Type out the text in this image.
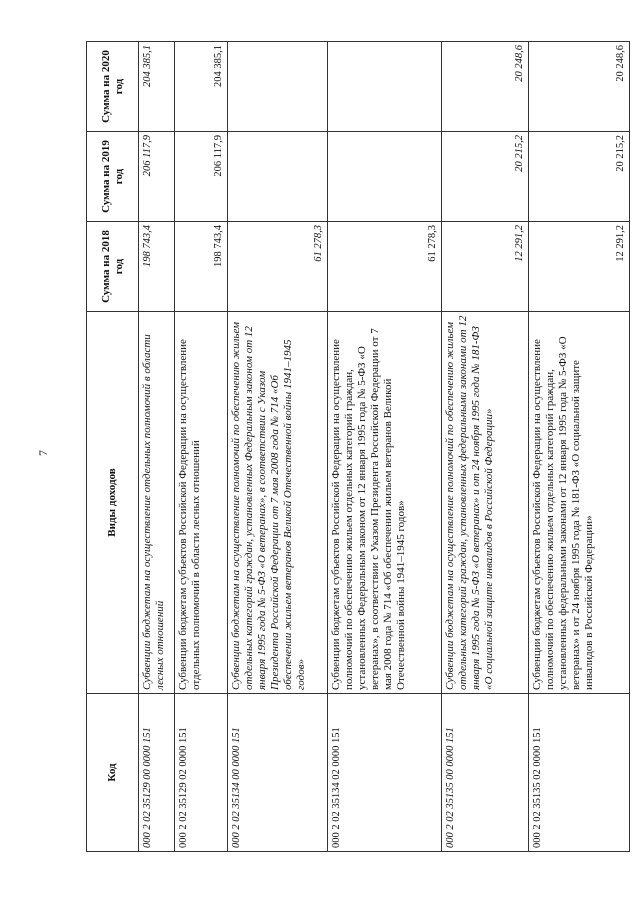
7
Код	Виды доходов	Сумма на 2018 год	Сумма на 2019 год	Сумма на 2020 год
000 2 02 35129 00 0000 151	Субвенции бюджетам на осуществление отдельных полномочий в области лесных отношений	198 743,4	206 117,9	204 385,1
000 2 02 35129 02 0000 151	Субвенции бюджетам субъектов Российской Федерации на осуществление отдельных полномочий в области лесных отношений	198 743,4	206 117,9	204 385,1
000 2 02 35134 00 0000 151	Субвенции бюджетам на осуществление полномочий по обеспечению жильем отдельных категорий граждан, установленных Федеральным законом от 12 января 1995 года № 5-ФЗ «О ветеранах», в соответствии с Указом Президента Российской Федерации от 7 мая 2008 года № 714 «Об обеспечении жильем ветеранов Великой Отечественной войны 1941–1945 годов»	61 278,3		
000 2 02 35134 02 0000 151	Субвенции бюджетам субъектов Российской Федерации на осуществление полномочий по обеспечению жильем отдельных категорий граждан, установленных Федеральным законом от 12 января 1995 года № 5-ФЗ «О ветеранах», в соответствии с Указом Президента Российской Федерации от 7 мая 2008 года № 714 «Об обеспечении жильем ветеранов Великой Отечественной войны 1941–1945 годов»	61 278,3		
000 2 02 35135 00 0000 151	Субвенции бюджетам на осуществление полномочий по обеспечению жильем отдельных категорий граждан, установленных федеральными законами от 12 января 1995 года № 5-ФЗ «О ветеранах» и от 24 ноября 1995 года № 181-ФЗ «О социальной защите инвалидов в Российской Федерации»	12 291,2	20 215,2	20 248,6
000 2 02 35135 02 0000 151	Субвенции бюджетам субъектов Российской Федерации на осуществление полномочий по обеспечению жильем отдельных категорий граждан, установленных федеральными законами от 12 января 1995 года № 5-ФЗ «О ветеранах» и от 24 ноября 1995 года № 181-ФЗ «О социальной защите инвалидов в Российской Федерации»	12 291,2	20 215,2	20 248,6
